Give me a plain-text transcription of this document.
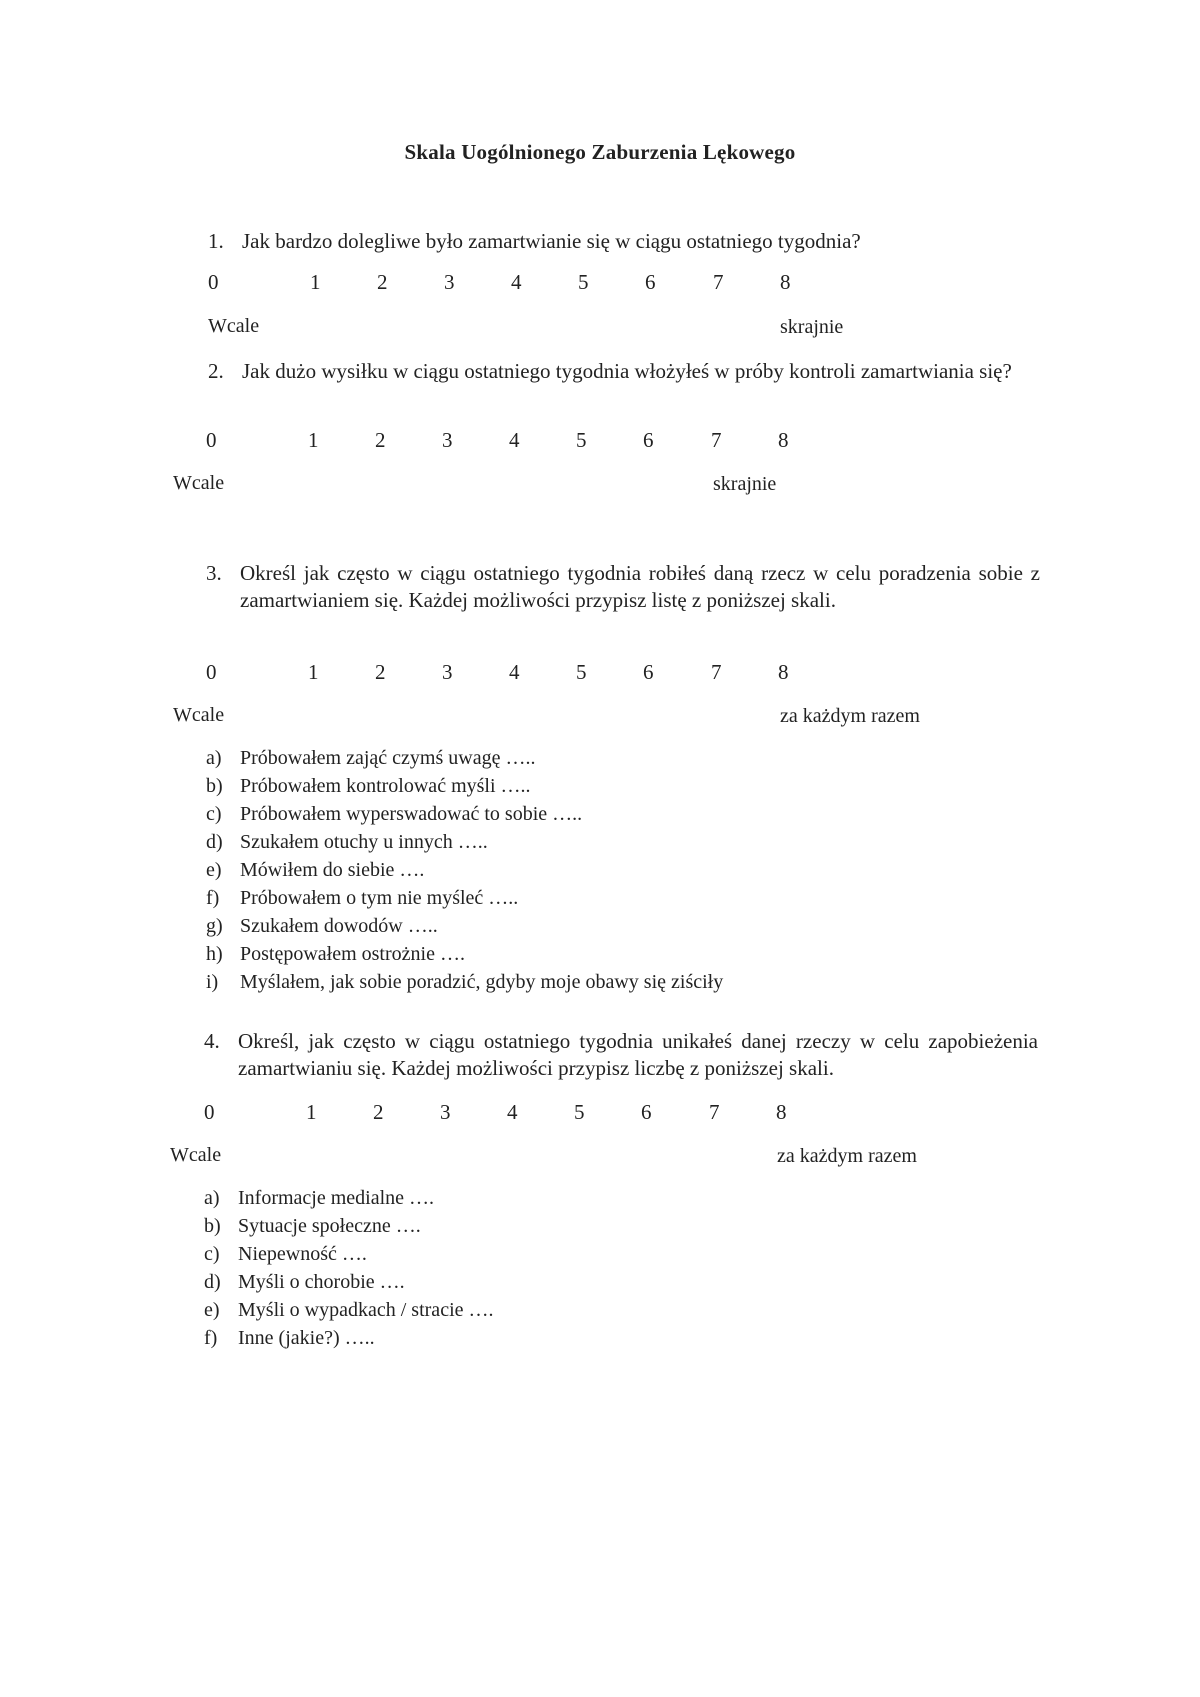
Skala Uogólnionego Zaburzenia Lękowego
1. Jak bardzo dolegliwe było zamartwianie się w ciągu ostatniego tygodnia?
0	1	2	3	4	5	6	7	8
Wcale	skrajnie
2. Jak dużo wysiłku w ciągu ostatniego tygodnia włożyłeś w próby kontroli zamartwiania się?
0	1	2	3	4	5	6	7	8
Wcale	skrajnie
3. Określ jak często w ciągu ostatniego tygodnia robiłeś daną rzecz w celu poradzenia sobie z zamartwianiem się. Każdej możliwości przypisz listę z poniższej skali.
0	1	2	3	4	5	6	7	8
Wcale	za każdym razem
a) Próbowałem zająć czymś uwagę …..
b) Próbowałem kontrolować myśli …..
c) Próbowałem wyperswadować to sobie …..
d) Szukałem otuchy u innych …..
e) Mówiłem do siebie ….
f) Próbowałem o tym nie myśleć …..
g) Szukałem dowodów …..
h) Postępowałem ostrożnie ….
i) Myślałem, jak sobie poradzić, gdyby moje obawy się ziściły
4. Określ, jak często w ciągu ostatniego tygodnia unikałeś danej rzeczy w celu zapobieżenia zamartwianiu się. Każdej możliwości przypisz liczbę z poniższej skali.
0	1	2	3	4	5	6	7	8
Wcale	za każdym razem
a) Informacje medialne ….
b) Sytuacje społeczne ….
c) Niepewność ….
d) Myśli o chorobie ….
e) Myśli o wypadkach / stracie ….
f) Inne (jakie?) …..
